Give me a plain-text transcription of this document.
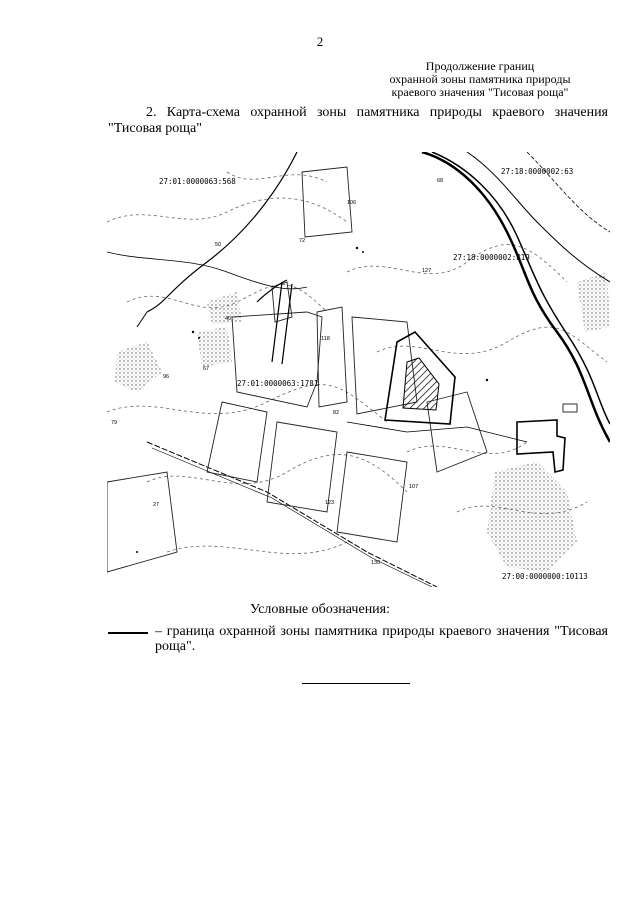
2
Продолжение границ
охранной зоны памятника природы
краевого значения "Тисовая роща"
2. Карта-схема охранной зоны памятника природы краевого значения "Тисовая роща"
27:01:0000063:568
27:18:0000002:63
27:18:0000002:819
27:01:0000063:1781
27:00:0000000:10113
50
72
106
68
127
118
96
67
40
82
107
123
27
79
130
Условные обозначения:
– граница охранной зоны памятника природы краевого значения "Тисовая роща".
